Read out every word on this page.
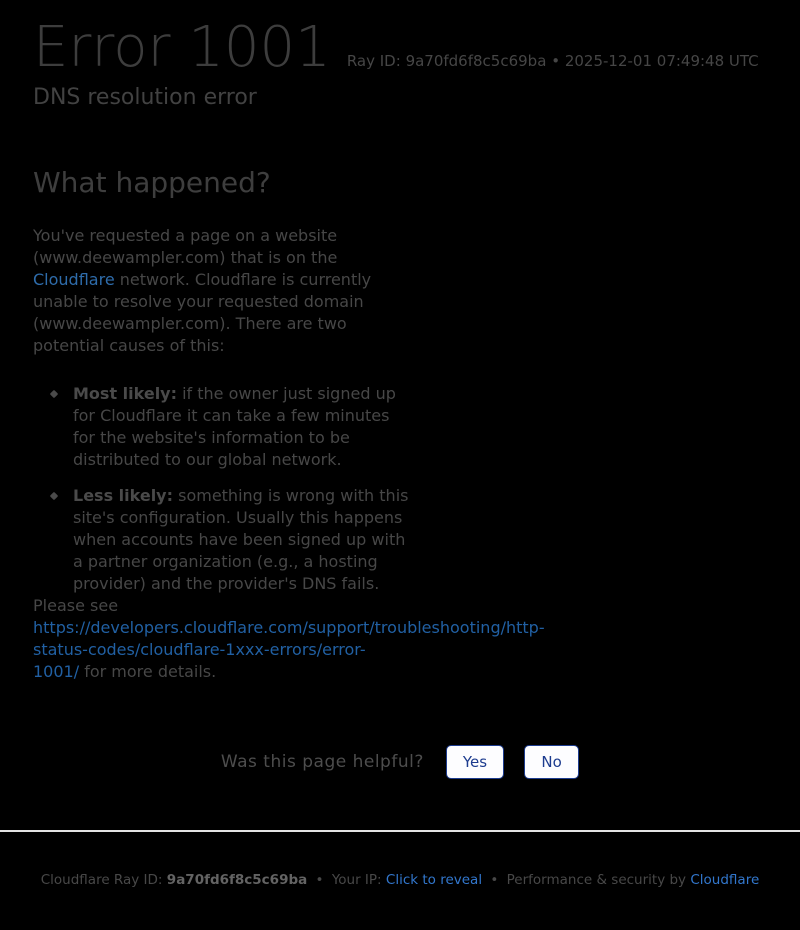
Error 1001 Ray ID: 9a70fd6f8c5c69ba • 2025-12-01 07:49:48 UTC
DNS resolution error
What happened?

You've requested a page on a website (www.deewampler.com) that is on the Cloudflare network. Cloudflare is currently unable to resolve your requested domain (www.deewampler.com). There are two potential causes of this:

Most likely: if the owner just signed up for Cloudflare it can take a few minutes for the website's information to be distributed to our global network.
Less likely: something is wrong with this site's configuration. Usually this happens when accounts have been signed up with a partner organization (e.g., a hosting provider) and the provider's DNS fails.

Please see https://developers.cloudflare.com/support/troubleshooting/http-status-codes/cloudflare-1xxx-errors/error-1001/ for more details.

Was this page helpful?	Yes	No
Cloudflare Ray ID: 9a70fd6f8c5c69ba • Your IP: Click to reveal • Performance & security by Cloudflare
